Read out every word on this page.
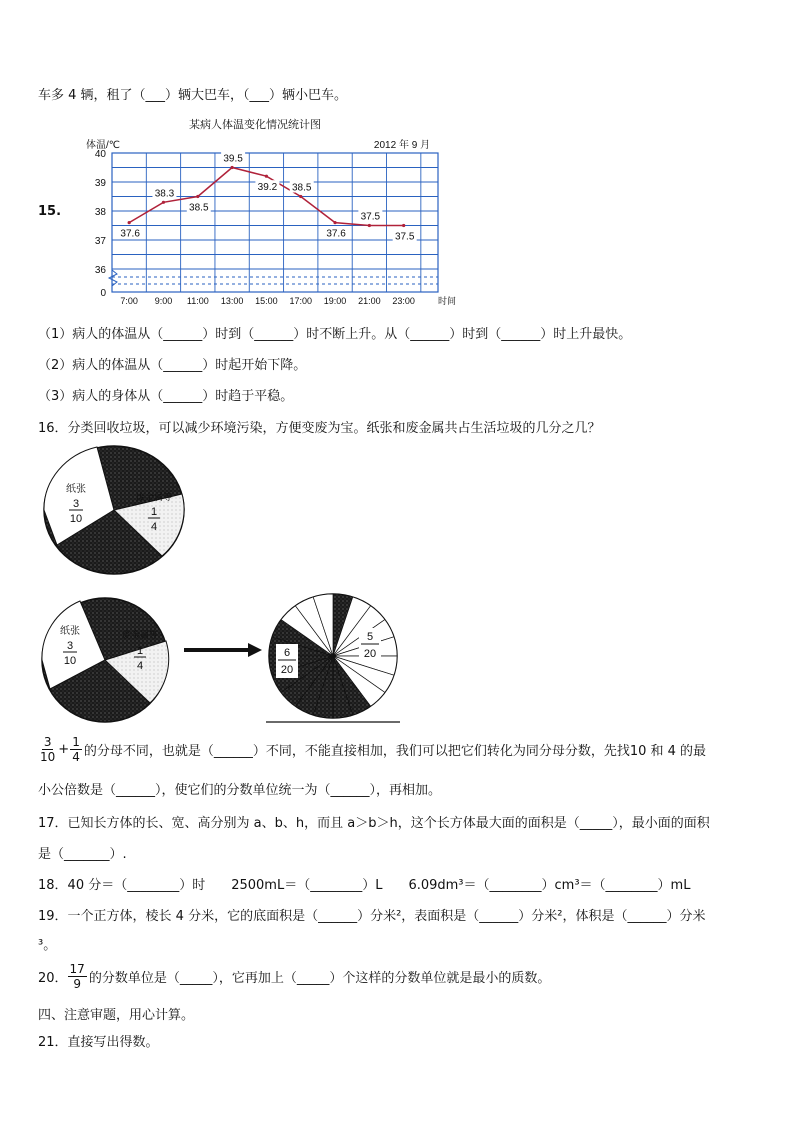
车多 4 辆，租了（___）辆大巴车，（___）辆小巴车。
15.
某病人体温变化情况统计图
2012 年 9 月
体温/℃
时间
0
36
37
38
39
40
7:00 9:00 11:00 13:00 15:00 17:00 19:00 21:00 23:00
37.6
38.3
38.5
39.5
39.2 38.5
37.6
37.5
37.5
（1）病人的体温从（______）时到（______）时不断上升。从（______）时到（______）时上升最快。
（2）病人的体温从（______）时起开始下降。
（3）病人的身体从（______）时趋于平稳。
16．分类回收垃圾，可以减少环境污染，方便变废为宝。纸张和废金属共占生活垃圾的几分之几？
纸张
3
10
废金属等
1
4
纸张
3
10
废金属等
1
4
6
20
5
20
$\frac{3}{10} + \frac{1}{4}$ 的分母不同，也就是（______）不同，不能直接相加，我们可以把它们转化为同分母分数，先找10 和 4 的最
小公倍数是（______），使它们的分数单位统一为（______），再相加。
17．已知长方体的长、宽、高分别为 a、b、h，而且 a＞b＞h，这个长方体最大面的面积是（_____），最小面的面积
是（_______）.
18．40 分＝（________）时　　2500mL＝（________）L　　6.09dm³＝（________）cm³＝（________）mL
19．一个正方体，棱长 4 分米，它的底面积是（______）分米²，表面积是（______）分米²，体积是（______）分米
³。
20． $\frac{17}{9}$ 的分数单位是（_____），它再加上（_____）个这样的分数单位就是最小的质数。
四、注意审题，用心计算。
21．直接写出得数。
